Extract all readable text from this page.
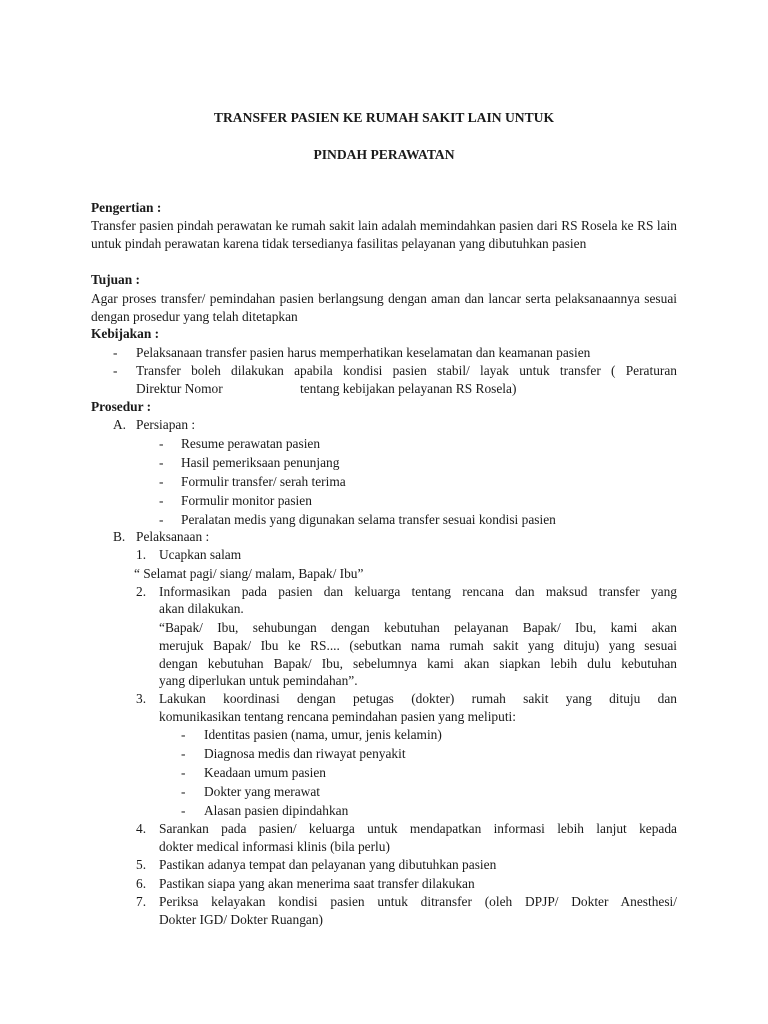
TRANSFER PASIEN KE RUMAH SAKIT LAIN UNTUK
PINDAH PERAWATAN
Pengertian :
Transfer pasien pindah perawatan ke rumah sakit lain adalah memindahkan pasien dari RS Rosela ke RS lain untuk pindah perawatan karena tidak tersedianya fasilitas pelayanan yang dibutuhkan pasien
Tujuan :
Agar proses transfer/ pemindahan pasien berlangsung dengan aman dan lancar serta pelaksanaannya sesuai dengan prosedur yang telah ditetapkan
Kebijakan :
- Pelaksanaan transfer pasien harus memperhatikan keselamatan dan keamanan pasien
- Transfer boleh dilakukan apabila kondisi pasien stabil/ layak untuk transfer ( Peraturan
Direktur Nomor	tentang kebijakan pelayanan RS Rosela)
Prosedur :
A. Persiapan :
- Resume perawatan pasien
- Hasil pemeriksaan penunjang
- Formulir transfer/ serah terima
- Formulir monitor pasien
- Peralatan medis yang digunakan selama transfer sesuai kondisi pasien
B. Pelaksanaan :
1. Ucapkan salam
“ Selamat pagi/ siang/ malam, Bapak/ Ibu”
2. Informasikan pada pasien dan keluarga tentang rencana dan maksud transfer yang
akan dilakukan.
“Bapak/ Ibu, sehubungan dengan kebutuhan pelayanan Bapak/ Ibu, kami akan
merujuk Bapak/ Ibu ke RS.... (sebutkan nama rumah sakit yang dituju) yang sesuai
dengan kebutuhan Bapak/ Ibu, sebelumnya kami akan siapkan lebih dulu kebutuhan
yang diperlukan untuk pemindahan”.
3. Lakukan koordinasi dengan petugas (dokter) rumah sakit yang dituju dan
komunikasikan tentang rencana pemindahan pasien yang meliputi:
- Identitas pasien (nama, umur, jenis kelamin)
- Diagnosa medis dan riwayat penyakit
- Keadaan umum pasien
- Dokter yang merawat
- Alasan pasien dipindahkan
4. Sarankan pada pasien/ keluarga untuk mendapatkan informasi lebih lanjut kepada
dokter medical informasi klinis (bila perlu)
5. Pastikan adanya tempat dan pelayanan yang dibutuhkan pasien
6. Pastikan siapa yang akan menerima saat transfer dilakukan
7. Periksa kelayakan kondisi pasien untuk ditransfer (oleh DPJP/ Dokter Anesthesi/
Dokter IGD/ Dokter Ruangan)
